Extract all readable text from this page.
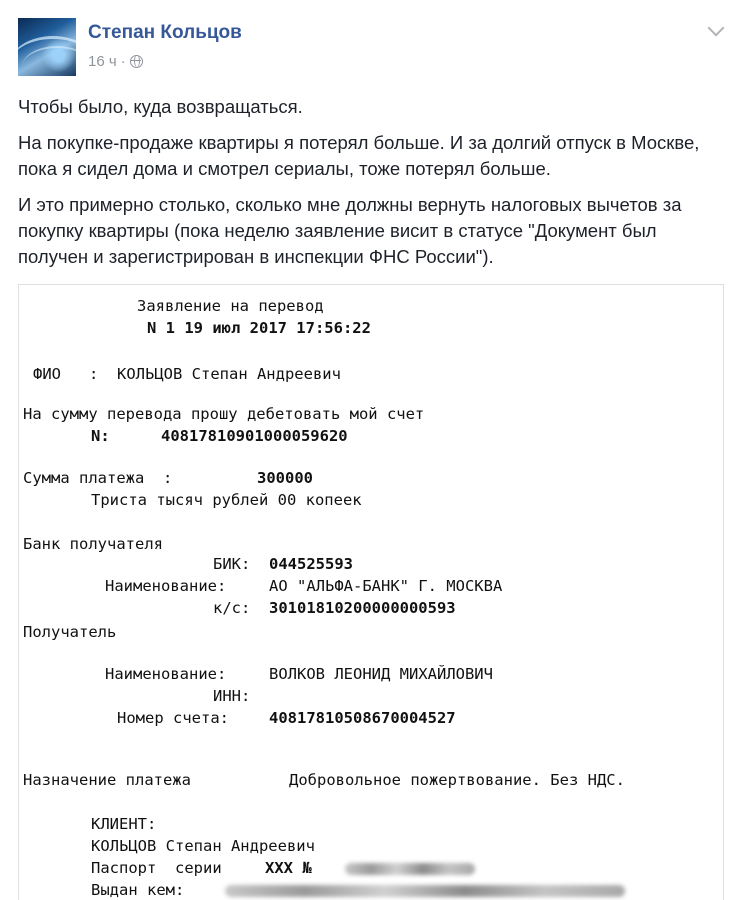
Степан Кольцов
16 ч ·

Чтобы было, куда возвращаться.

На покупке-продаже квартиры я потерял больше. И за долгий отпуск в Москве, пока я сидел дома и смотрел сериалы, тоже потерял больше.

И это примерно столько, сколько мне должны вернуть налоговых вычетов за покупку квартиры (пока неделю заявление висит в статусе "Документ был получен и зарегистрирован в инспекции ФНС России").

Заявление на перевод
N 1 19 июл 2017 17:56:22
ФИО   : КОЛЬЦОВ Степан Андреевич
На сумму перевода прошу дебетовать мой счет
N:	40817810901000059620
Сумма платежа  :	300000
Триста тысяч рублей 00 копеек
Банк получателя
БИК: 044525593
Наименование:	АО "АЛЬФА-БАНК" Г. МОСКВА
к/с: 30101810200000000593
Получатель
Наименование:	ВОЛКОВ ЛЕОНИД МИХАЙЛОВИЧ
ИНН:
Номер счета:	40817810508670004527
Назначение платежа	Добровольное пожертвование. Без НДС.
КЛИЕНТ:
КОЛЬЦОВ Степан Андреевич
Паспорт  серии	XXX №
Выдан кем:
